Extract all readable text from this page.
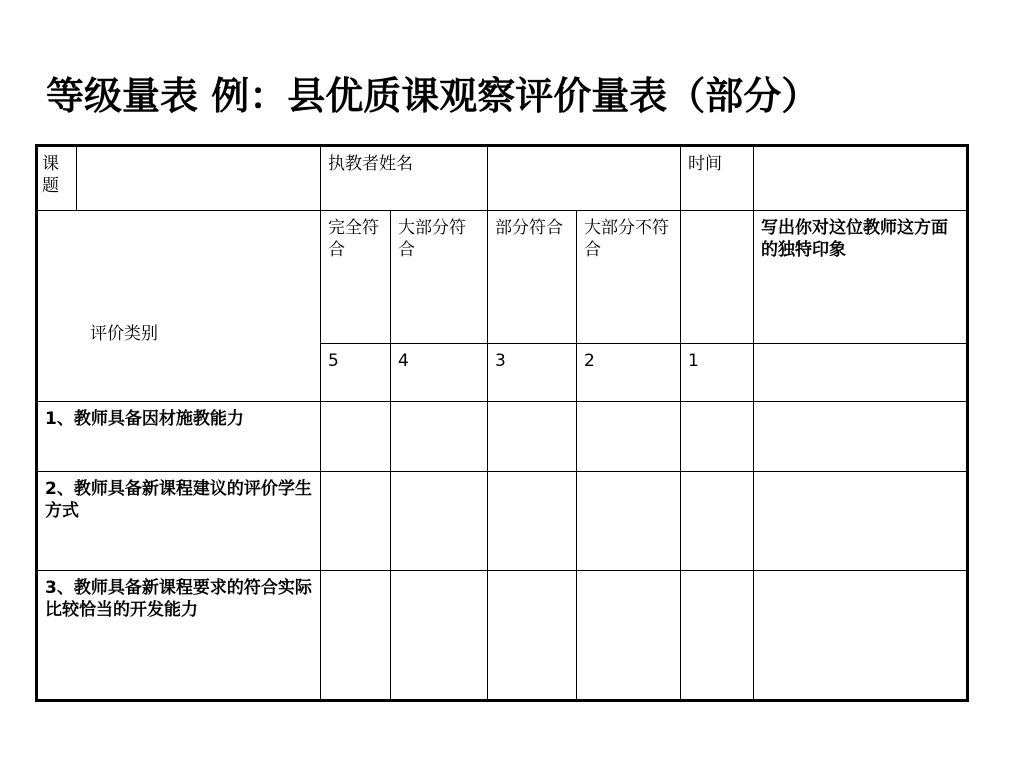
等级量表 例：县优质课观察评价量表（部分）
课题		执教者姓名				时间	
评价类别		完全符合	大部分符合	部分符合	大部分不符合		写出你对这位教师这方面的独特印象
		5	4	3	2	1	
1、教师具备因材施教能力							
2、教师具备新课程建议的评价学生方式							
3、教师具备新课程要求的符合实际比较恰当的开发能力							
